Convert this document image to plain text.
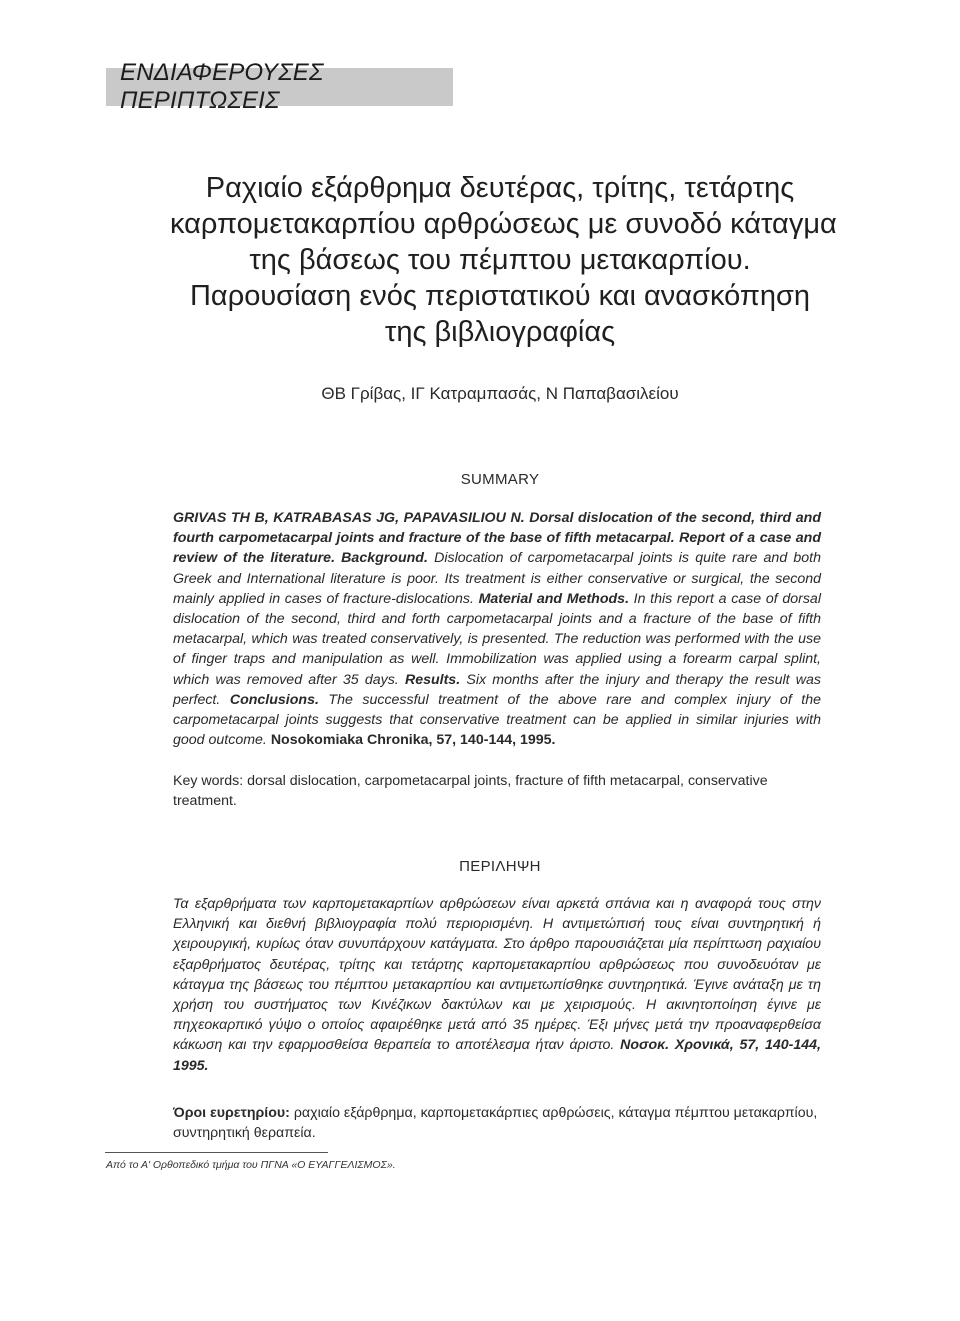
ΕΝΔΙΑΦΕΡΟΥΣΕΣ ΠΕΡΙΠΤΩΣΕΙΣ
Ραχιαίο εξάρθρημα δευτέρας, τρίτης, τετάρτης
καρπομετακαρπίου αρθρώσεως με συνοδό κάταγμα
της βάσεως του πέμπτου μετακαρπίου.
Παρουσίαση ενός περιστατικού και ανασκόπηση
της βιβλιογραφίας
ΘΒ Γρίβας, ΙΓ Κατραμπασάς, Ν Παπαβασιλείου
SUMMARY
GRIVAS TH B, KATRABASAS JG, PAPAVASILIOU N. Dorsal dislocation of the second, third and fourth carpometacarpal joints and fracture of the base of fifth metacarpal. Report of a case and review of the literature. Background. Dislocation of carpometacarpal joints is quite rare and both Greek and International literature is poor. Its treatment is either conservative or surgical, the second mainly applied in cases of fracture-dislocations. Material and Methods. In this report a case of dorsal dislocation of the second, third and forth carpometacarpal joints and a fracture of the base of fifth metacarpal, which was treated conservatively, is presented. The reduction was performed with the use of finger traps and manipulation as well. Immobilization was applied using a forearm carpal splint, which was removed after 35 days. Results. Six months after the injury and therapy the result was perfect. Conclusions. The successful treatment of the above rare and complex injury of the carpometacarpal joints suggests that conservative treatment can be applied in similar injuries with good outcome. Nosokomiaka Chronika, 57, 140-144, 1995.
Key words: dorsal dislocation, carpometacarpal joints, fracture of fifth metacarpal, conservative treatment.
ΠΕΡΙΛΗΨΗ
Τα εξαρθρήματα των καρπομετακαρπίων αρθρώσεων είναι αρκετά σπάνια και η αναφορά τους στην Ελληνική και διεθνή βιβλιογραφία πολύ περιορισμένη. Η αντιμετώπισή τους είναι συντηρητική ή χειρουργική, κυρίως όταν συνυπάρχουν κατάγματα. Στο άρθρο παρουσιάζεται μία περίπτωση ραχιαίου εξαρθρήματος δευτέρας, τρίτης και τετάρτης καρπομετακαρπίου αρθρώσεως που συνοδευόταν με κάταγμα της βάσεως του πέμπτου μετακαρπίου και αντιμετωπίσθηκε συντηρητικά. Έγινε ανάταξη με τη χρήση του συστήματος των Κινέζικων δακτύλων και με χειρισμούς. Η ακινητοποίηση έγινε με πηχεοκαρπικό γύψο ο οποίος αφαιρέθηκε μετά από 35 ημέρες. Έξι μήνες μετά την προαναφερθείσα κάκωση και την εφαρμοσθείσα θεραπεία το αποτέλεσμα ήταν άριστο. Νοσοκ. Χρονικά, 57, 140-144, 1995.
Όροι ευρετηρίου: ραχιαίο εξάρθρημα, καρπομετακάρπιες αρθρώσεις, κάταγμα πέμπτου μετακαρπίου, συντηρητική θεραπεία.
Από το Α' Ορθοπεδικό τμήμα του ΠΓΝΑ «Ο ΕΥΑΓΓΕΛΙΣΜΟΣ».
